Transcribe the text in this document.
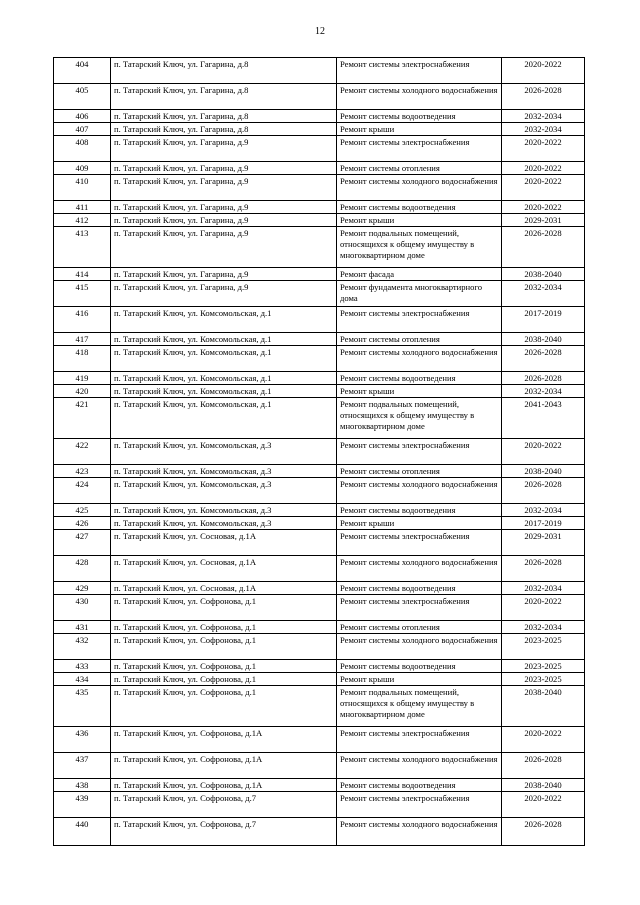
12
404	п. Татарский Ключ, ул. Гагарина, д.8	Ремонт системы электроснабжения	2020-2022
405	п. Татарский Ключ, ул. Гагарина, д.8	Ремонт системы холодного водоснабжения	2026-2028
406	п. Татарский Ключ, ул. Гагарина, д.8	Ремонт системы водоотведения	2032-2034
407	п. Татарский Ключ, ул. Гагарина, д.8	Ремонт крыши	2032-2034
408	п. Татарский Ключ, ул. Гагарина, д.9	Ремонт системы электроснабжения	2020-2022
409	п. Татарский Ключ, ул. Гагарина, д.9	Ремонт системы отопления	2020-2022
410	п. Татарский Ключ, ул. Гагарина, д.9	Ремонт системы холодного водоснабжения	2020-2022
411	п. Татарский Ключ, ул. Гагарина, д.9	Ремонт системы водоотведения	2020-2022
412	п. Татарский Ключ, ул. Гагарина, д.9	Ремонт крыши	2029-2031
413	п. Татарский Ключ, ул. Гагарина, д.9	Ремонт подвальных помещений, относящихся к общему имуществу в многоквартирном доме	2026-2028
414	п. Татарский Ключ, ул. Гагарина, д.9	Ремонт фасада	2038-2040
415	п. Татарский Ключ, ул. Гагарина, д.9	Ремонт фундамента многоквартирного дома	2032-2034
416	п. Татарский Ключ, ул. Комсомольская, д.1	Ремонт системы электроснабжения	2017-2019
417	п. Татарский Ключ, ул. Комсомольская, д.1	Ремонт системы отопления	2038-2040
418	п. Татарский Ключ, ул. Комсомольская, д.1	Ремонт системы холодного водоснабжения	2026-2028
419	п. Татарский Ключ, ул. Комсомольская, д.1	Ремонт системы водоотведения	2026-2028
420	п. Татарский Ключ, ул. Комсомольская, д.1	Ремонт крыши	2032-2034
421	п. Татарский Ключ, ул. Комсомольская, д.1	Ремонт подвальных помещений, относящихся к общему имуществу в многоквартирном доме	2041-2043
422	п. Татарский Ключ, ул. Комсомольская, д.3	Ремонт системы электроснабжения	2020-2022
423	п. Татарский Ключ, ул. Комсомольская, д.3	Ремонт системы отопления	2038-2040
424	п. Татарский Ключ, ул. Комсомольская, д.3	Ремонт системы холодного водоснабжения	2026-2028
425	п. Татарский Ключ, ул. Комсомольская, д.3	Ремонт системы водоотведения	2032-2034
426	п. Татарский Ключ, ул. Комсомольская, д.3	Ремонт крыши	2017-2019
427	п. Татарский Ключ, ул. Сосновая, д.1А	Ремонт системы электроснабжения	2029-2031
428	п. Татарский Ключ, ул. Сосновая, д.1А	Ремонт системы холодного водоснабжения	2026-2028
429	п. Татарский Ключ, ул. Сосновая, д.1А	Ремонт системы водоотведения	2032-2034
430	п. Татарский Ключ, ул. Софронова, д.1	Ремонт системы электроснабжения	2020-2022
431	п. Татарский Ключ, ул. Софронова, д.1	Ремонт системы отопления	2032-2034
432	п. Татарский Ключ, ул. Софронова, д.1	Ремонт системы холодного водоснабжения	2023-2025
433	п. Татарский Ключ, ул. Софронова, д.1	Ремонт системы водоотведения	2023-2025
434	п. Татарский Ключ, ул. Софронова, д.1	Ремонт крыши	2023-2025
435	п. Татарский Ключ, ул. Софронова, д.1	Ремонт подвальных помещений, относящихся к общему имуществу в многоквартирном доме	2038-2040
436	п. Татарский Ключ, ул. Софронова, д.1А	Ремонт системы электроснабжения	2020-2022
437	п. Татарский Ключ, ул. Софронова, д.1А	Ремонт системы холодного водоснабжения	2026-2028
438	п. Татарский Ключ, ул. Софронова, д.1А	Ремонт системы водоотведения	2038-2040
439	п. Татарский Ключ, ул. Софронова, д.7	Ремонт системы электроснабжения	2020-2022
440	п. Татарский Ключ, ул. Софронова, д.7	Ремонт системы холодного водоснабжения	2026-2028
